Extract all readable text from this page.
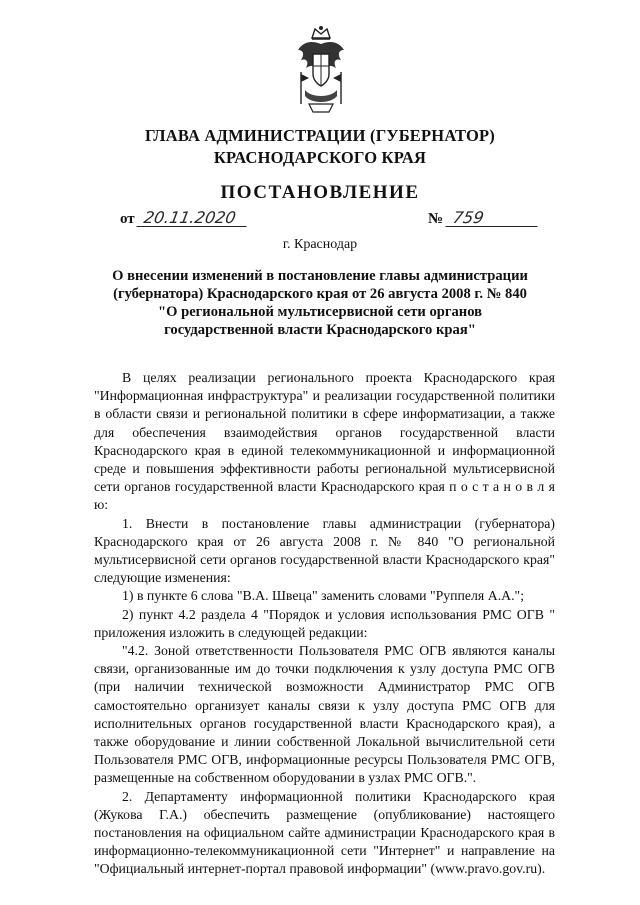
ГЛАВА АДМИНИСТРАЦИИ (ГУБЕРНАТОР)
КРАСНОДАРСКОГО КРАЯ
ПОСТАНОВЛЕНИЕ
от 20.11.2020	№ 759
г. Краснодар
О внесении изменений в постановление главы администрации
(губернатора) Краснодарского края от 26 августа 2008 г. № 840
"О региональной мультисервисной сети органов
государственной власти Краснодарского края"

В целях реализации регионального проекта Краснодарского края "Информационная инфраструктура" и реализации государственной политики в области связи и региональной политики в сфере информатизации, а также для обеспечения взаимодействия органов государственной власти Краснодарского края в единой телекоммуникационной и информационной среде и повышения эффективности работы региональной мультисервисной сети органов государственной власти Краснодарского края п о с т а н о в л я ю:

1. Внести в постановление главы администрации (губернатора) Краснодарского края от 26 августа 2008 г. № 840 "О региональной мультисервисной сети органов государственной власти Краснодарского края" следующие изменения:

1) в пункте 6 слова "В.А. Швеца" заменить словами "Руппеля А.А.";

2) пункт 4.2 раздела 4 "Порядок и условия использования РМС ОГВ " приложения изложить в следующей редакции:

"4.2. Зоной ответственности Пользователя РМС ОГВ являются каналы связи, организованные им до точки подключения к узлу доступа РМС ОГВ (при наличии технической возможности Администратор РМС ОГВ самостоятельно организует каналы связи к узлу доступа РМС ОГВ для исполнительных органов государственной власти Краснодарского края), а также оборудование и линии собственной Локальной вычислительной сети Пользователя РМС ОГВ, информационные ресурсы Пользователя РМС ОГВ, размещенные на собственном оборудовании в узлах РМС ОГВ.".

2. Департаменту информационной политики Краснодарского края (Жукова Г.А.) обеспечить размещение (опубликование) настоящего постановления на официальном сайте администрации Краснодарского края в информационно-телекоммуникационной сети "Интернет" и направление на "Официальный интернет-портал правовой информации" (www.pravo.gov.ru).
